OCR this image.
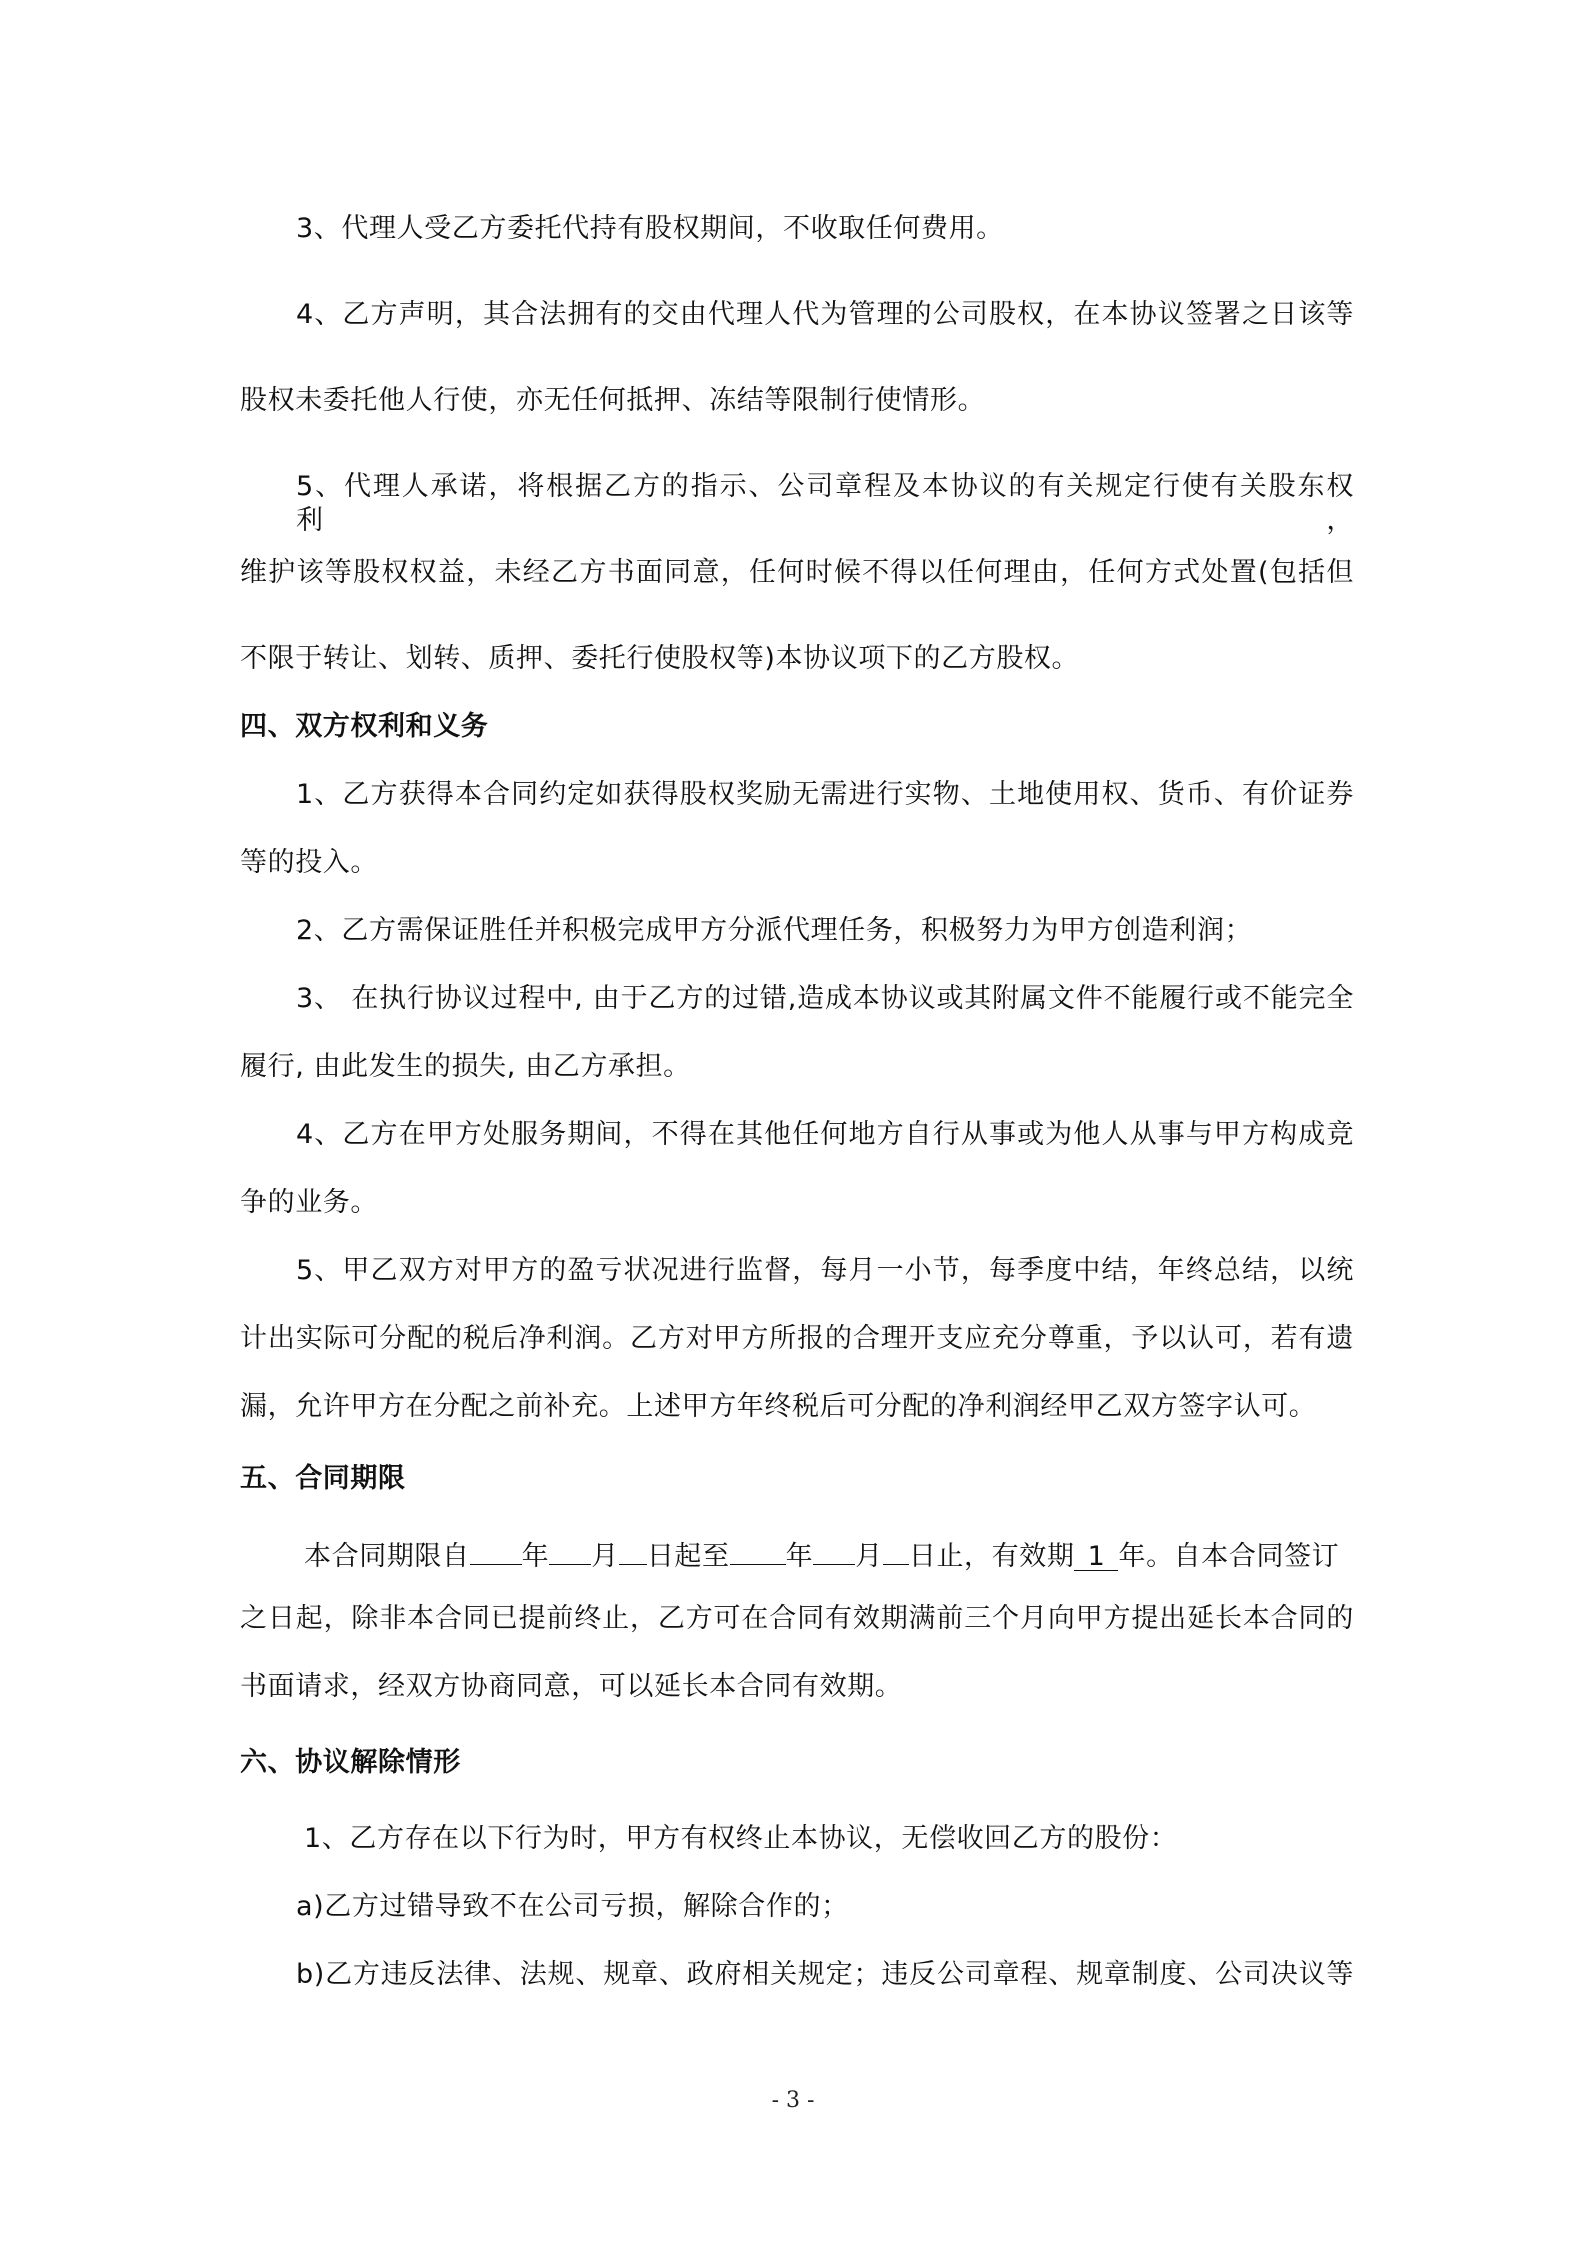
3、代理人受乙方委托代持有股权期间，不收取任何费用。
4、乙方声明，其合法拥有的交由代理人代为管理的公司股权，在本协议签署之日该等
股权未委托他人行使，亦无任何抵押、冻结等限制行使情形。
5、代理人承诺，将根据乙方的指示、公司章程及本协议的有关规定行使有关股东权利，
维护该等股权权益，未经乙方书面同意，任何时候不得以任何理由，任何方式处置(包括但
不限于转让、划转、质押、委托行使股权等)本协议项下的乙方股权。
四、双方权利和义务
1、乙方获得本合同约定如获得股权奖励无需进行实物、土地使用权、货币、有价证券
等的投入。
2、乙方需保证胜任并积极完成甲方分派代理任务，积极努力为甲方创造利润；
3、 在执行协议过程中, 由于乙方的过错,造成本协议或其附属文件不能履行或不能完全
履行, 由此发生的损失, 由乙方承担。
4、乙方在甲方处服务期间，不得在其他任何地方自行从事或为他人从事与甲方构成竞
争的业务。
5、甲乙双方对甲方的盈亏状况进行监督，每月一小节，每季度中结，年终总结，以统
计出实际可分配的税后净利润。乙方对甲方所报的合理开支应充分尊重，予以认可，若有遗
漏，允许甲方在分配之前补充。上述甲方年终税后可分配的净利润经甲乙双方签字认可。
五、合同期限
本合同期限自 年 月 日起至 年 月 日止，有效期 1 年。自本合同签订
之日起，除非本合同已提前终止，乙方可在合同有效期满前三个月向甲方提出延长本合同的
书面请求，经双方协商同意，可以延长本合同有效期。
六、协议解除情形
1、乙方存在以下行为时，甲方有权终止本协议，无偿收回乙方的股份：
a)乙方过错导致不在公司亏损，解除合作的；
b)乙方违反法律、法规、规章、政府相关规定；违反公司章程、规章制度、公司决议等
- 3 -
